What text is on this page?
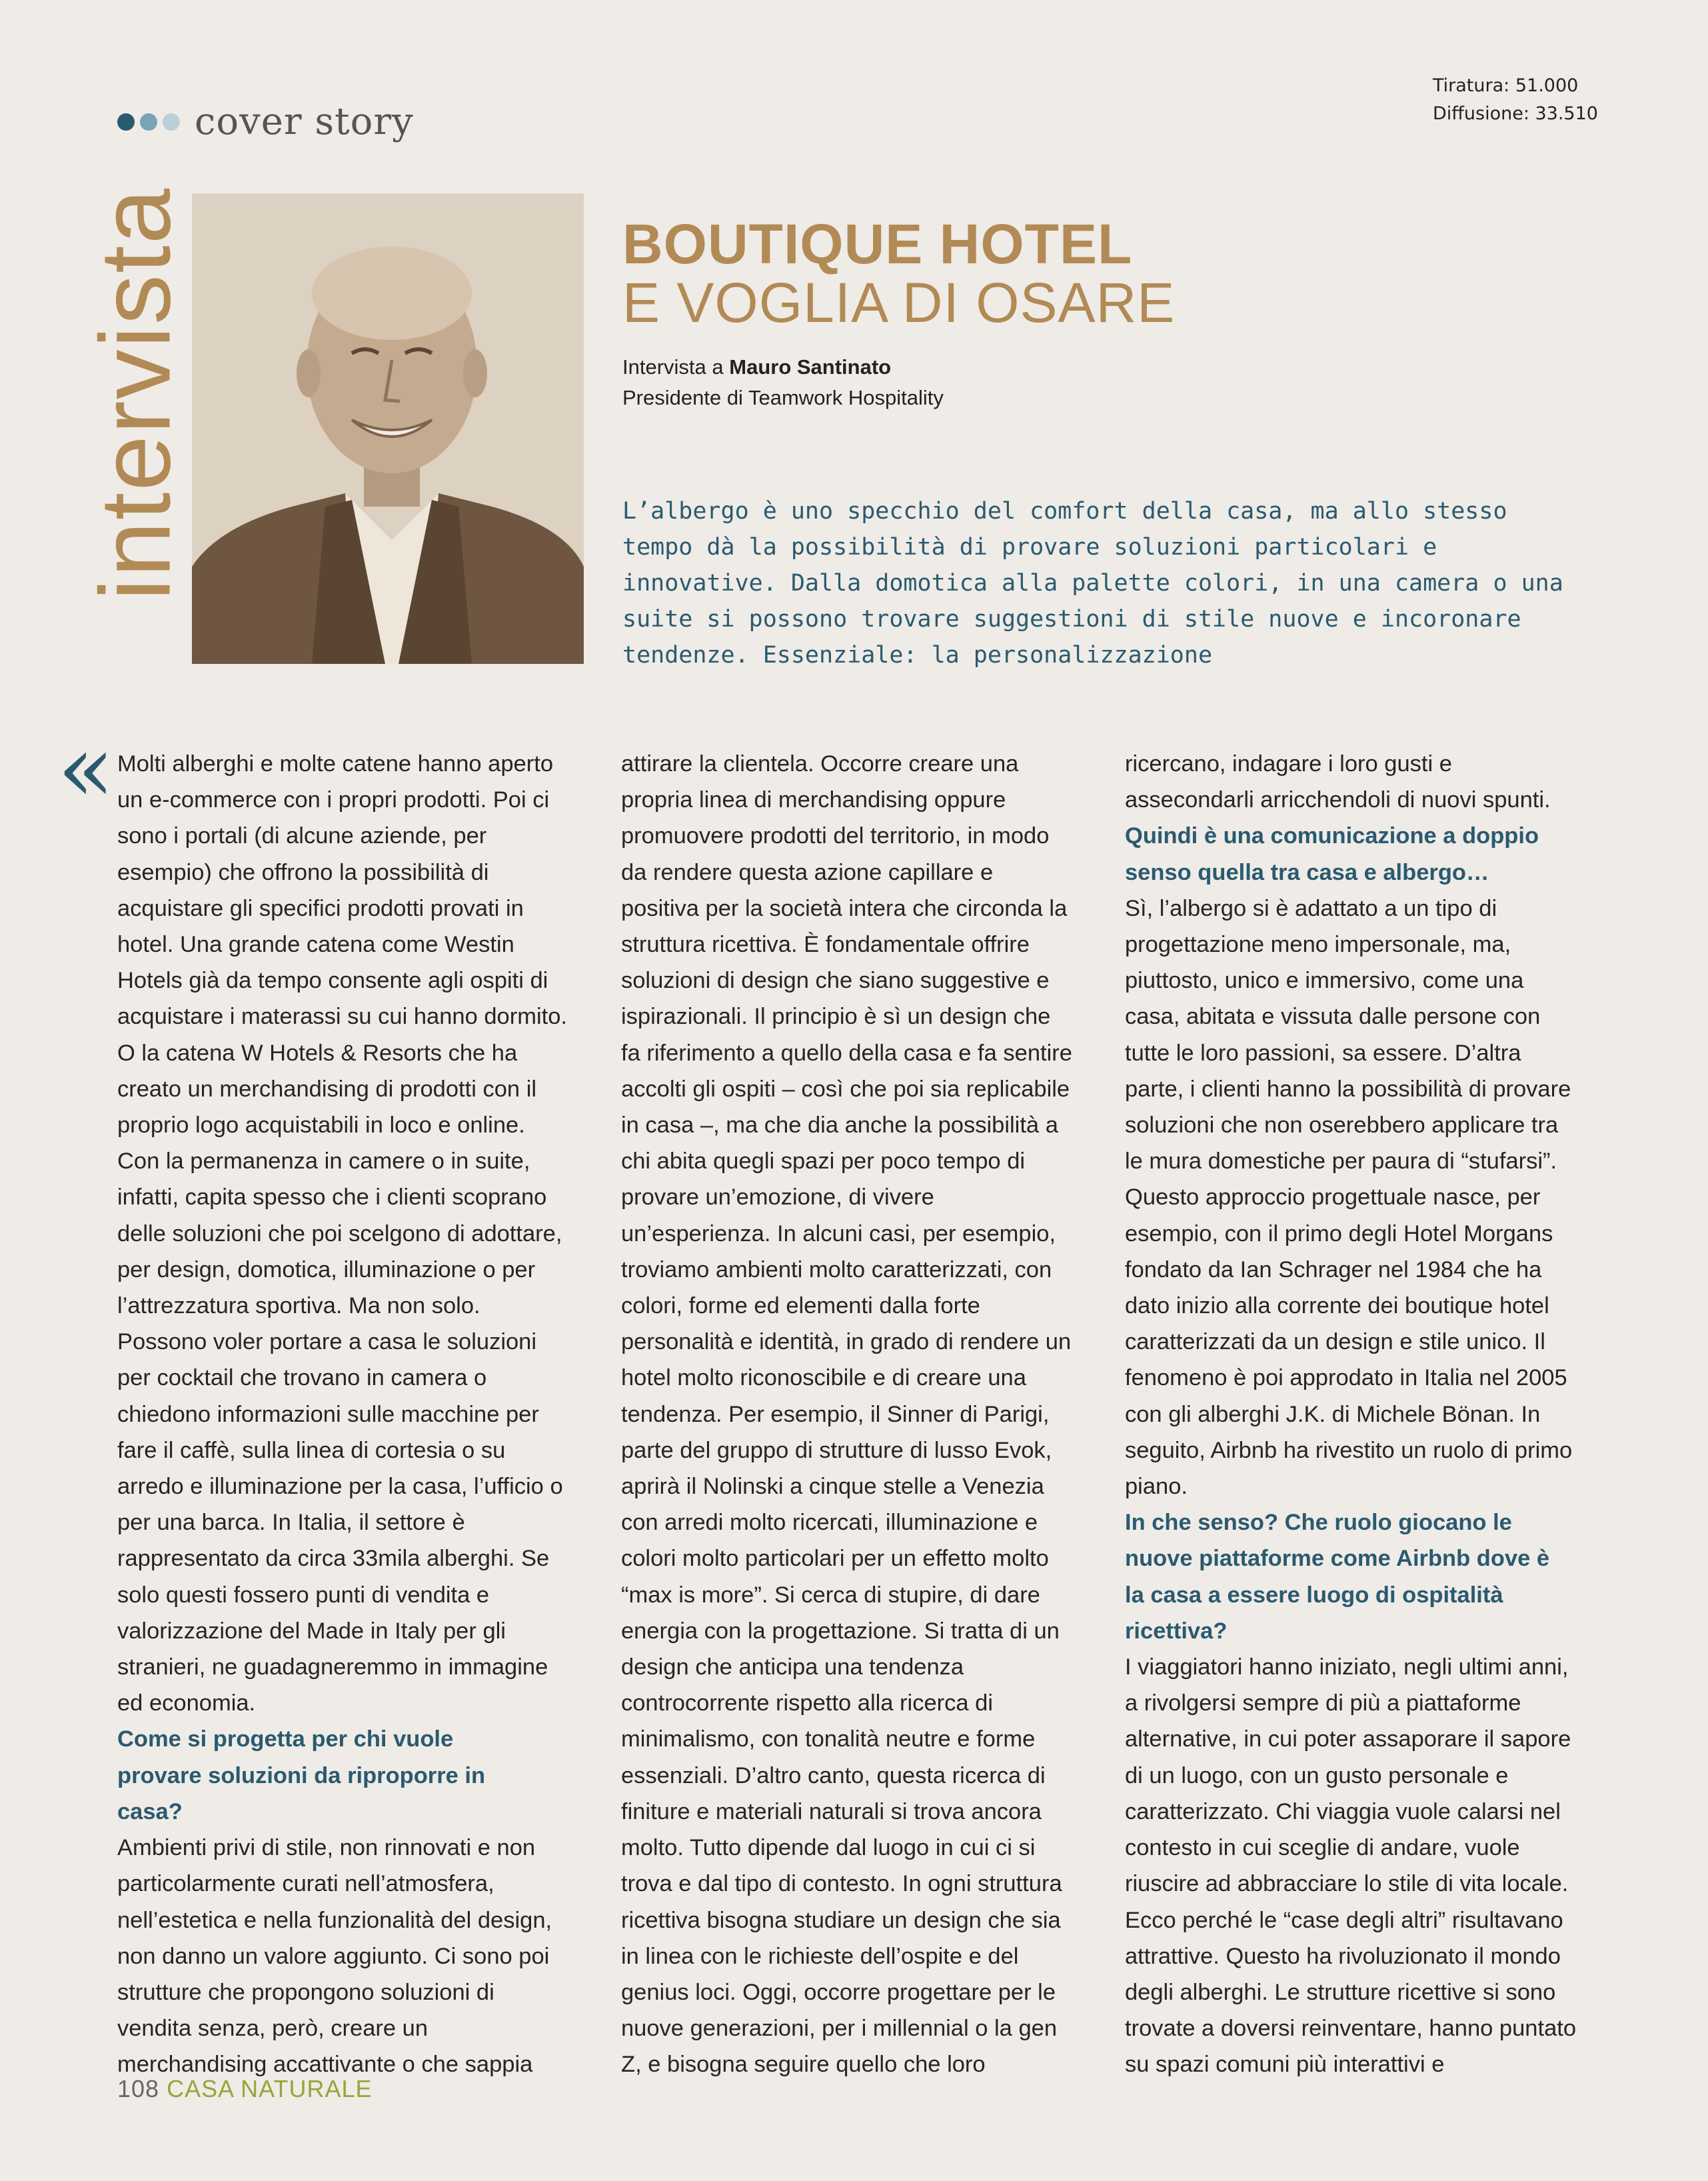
Tiratura: 51.000
Diffusione: 33.510
cover story
intervista	BOUTIQUE HOTEL
E VOGLIA DI OSARE
Intervista a Mauro Santinato
Presidente di Teamwork Hospitality
L’albergo è uno specchio del comfort della casa, ma allo stesso tempo dà la possibilità di provare soluzioni particolari e innovative. Dalla domotica alla palette colori, in una camera o una suite si possono trovare suggestioni di stile nuove e incoronare tendenze. Essenziale: la personalizzazione
« Molti alberghi e molte catene hanno aperto un e-commerce con i propri prodotti. Poi ci sono i portali (di alcune aziende, per esempio) che offrono la possibilità di acquistare gli specifici prodotti provati in hotel. Una grande catena come Westin Hotels già da tempo consente agli ospiti di acquistare i materassi su cui hanno dormito. O la catena W Hotels & Resorts che ha creato un merchandising di prodotti con il proprio logo acquistabili in loco e online. Con la permanenza in camere o in suite, infatti, capita spesso che i clienti scoprano delle soluzioni che poi scelgono di adottare, per design, domotica, illuminazione o per l’attrezzatura sportiva. Ma non solo. Possono voler portare a casa le soluzioni per cocktail che trovano in camera o chiedono informazioni sulle macchine per fare il caffè, sulla linea di cortesia o su arredo e illuminazione per la casa, l’ufficio o per una barca. In Italia, il settore è rappresentato da circa 33mila alberghi. Se solo questi fossero punti di vendita e valorizzazione del Made in Italy per gli stranieri, ne guadagneremmo in immagine ed economia.

Come si progetta per chi vuole provare soluzioni da riproporre in casa?

Ambienti privi di stile, non rinnovati e non particolarmente curati nell’atmosfera, nell’estetica e nella funzionalità del design, non danno un valore aggiunto. Ci sono poi strutture che propongono soluzioni di vendita senza, però, creare un merchandising accattivante o che sappia

attirare la clientela. Occorre creare una propria linea di merchandising oppure promuovere prodotti del territorio, in modo da rendere questa azione capillare e positiva per la società intera che circonda la struttura ricettiva. È fondamentale offrire soluzioni di design che siano suggestive e ispirazionali. Il principio è sì un design che fa riferimento a quello della casa e fa sentire accolti gli ospiti – così che poi sia replicabile in casa –, ma che dia anche la possibilità a chi abita quegli spazi per poco tempo di provare un’emozione, di vivere un’esperienza. In alcuni casi, per esempio, troviamo ambienti molto caratterizzati, con colori, forme ed elementi dalla forte personalità e identità, in grado di rendere un hotel molto riconoscibile e di creare una tendenza. Per esempio, il Sinner di Parigi, parte del gruppo di strutture di lusso Evok, aprirà il Nolinski a cinque stelle a Venezia con arredi molto ricercati, illuminazione e colori molto particolari per un effetto molto “max is more”. Si cerca di stupire, di dare energia con la progettazione. Si tratta di un design che anticipa una tendenza controcorrente rispetto alla ricerca di minimalismo, con tonalità neutre e forme essenziali. D’altro canto, questa ricerca di finiture e materiali naturali si trova ancora molto. Tutto dipende dal luogo in cui ci si trova e dal tipo di contesto. In ogni struttura ricettiva bisogna studiare un design che sia in linea con le richieste dell’ospite e del genius loci. Oggi, occorre progettare per le nuove generazioni, per i millennial o la gen Z, e bisogna seguire quello che loro

ricercano, indagare i loro gusti e assecondarli arricchendoli di nuovi spunti.

Quindi è una comunicazione a doppio senso quella tra casa e albergo…

Sì, l’albergo si è adattato a un tipo di progettazione meno impersonale, ma, piuttosto, unico e immersivo, come una casa, abitata e vissuta dalle persone con tutte le loro passioni, sa essere. D’altra parte, i clienti hanno la possibilità di provare soluzioni che non oserebbero applicare tra le mura domestiche per paura di “stufarsi”. Questo approccio progettuale nasce, per esempio, con il primo degli Hotel Morgans fondato da Ian Schrager nel 1984 che ha dato inizio alla corrente dei boutique hotel caratterizzati da un design e stile unico. Il fenomeno è poi approdato in Italia nel 2005 con gli alberghi J.K. di Michele Bönan. In seguito, Airbnb ha rivestito un ruolo di primo piano.

In che senso? Che ruolo giocano le nuove piattaforme come Airbnb dove è la casa a essere luogo di ospitalità ricettiva?

I viaggiatori hanno iniziato, negli ultimi anni, a rivolgersi sempre di più a piattaforme alternative, in cui poter assaporare il sapore di un luogo, con un gusto personale e caratterizzato. Chi viaggia vuole calarsi nel contesto in cui sceglie di andare, vuole riuscire ad abbracciare lo stile di vita locale. Ecco perché le “case degli altri” risultavano attrattive. Questo ha rivoluzionato il mondo degli alberghi. Le strutture ricettive si sono trovate a doversi reinventare, hanno puntato su spazi comuni più interattivi e

108 CASA NATURALE
